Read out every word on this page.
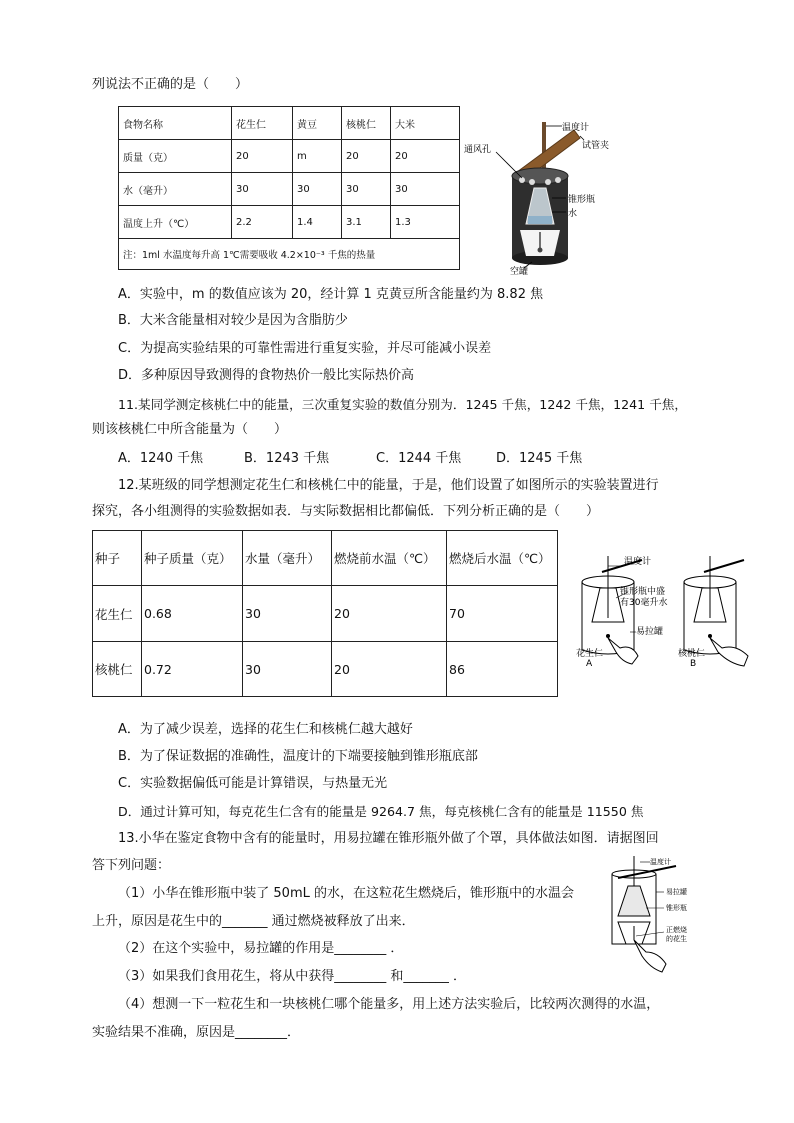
列说法不正确的是（　　）
食物名称	花生仁	黄豆	核桃仁	大米
质量（克）	20	m	20	20
水（毫升）	30	30	30	30
温度上升（℃）	2.2	1.4	3.1	1.3
注：1ml 水温度每升高 1℃需要吸收 4.2×10⁻³ 千焦的热量				
温度计
试管夹
通风孔
锥形瓶
水
空罐
A．实验中，m 的数值应该为 20，经计算 1 克黄豆所含能量约为 8.82 焦
B．大米含能量相对较少是因为含脂肪少
C．为提高实验结果的可靠性需进行重复实验，并尽可能减小误差
D．多种原因导致测得的食物热价一般比实际热价高
11.某同学测定核桃仁中的能量，三次重复实验的数值分别为．1245 千焦，1242 千焦，1241 千焦，
则该核桃仁中所含能量为（　　）
A．1240 千焦	B．1243 千焦	C．1244 千焦	D．1245 千焦
12.某班级的同学想测定花生仁和核桃仁中的能量，于是，他们设置了如图所示的实验装置进行
探究，各小组测得的实验数据如表．与实际数据相比都偏低．下列分析正确的是（　　）
种子	种子质量（克）	水量（毫升）	燃烧前水温（℃）	燃烧后水温（℃）
花生仁	0.68	30	20	70
核桃仁	0.72	30	20	86
温度计
锥形瓶中盛
有30毫升水
易拉罐
花生仁
A
核桃仁
B
A．为了减少误差，选择的花生仁和核桃仁越大越好
B．为了保证数据的准确性，温度计的下端要接触到锥形瓶底部
C．实验数据偏低可能是计算错误，与热量无光
D．通过计算可知，每克花生仁含有的能量是 9264.7 焦，每克核桃仁含有的能量是 11550 焦
13.小华在鉴定食物中含有的能量时，用易拉罐在锥形瓶外做了个罩，具体做法如图．请据图回
答下列问题：
（1）小华在锥形瓶中装了 50mL 的水，在这粒花生燃烧后，锥形瓶中的水温会
上升，原因是花生中的_______ 通过燃烧被释放了出来．
（2）在这个实验中，易拉罐的作用是________ ．
（3）如果我们食用花生，将从中获得________ 和_______ ．
（4）想测一下一粒花生和一块核桃仁哪个能量多，用上述方法实验后，比较两次测得的水温，
实验结果不准确，原因是________．
温度计
易拉罐
锥形瓶
正燃烧
的花生
